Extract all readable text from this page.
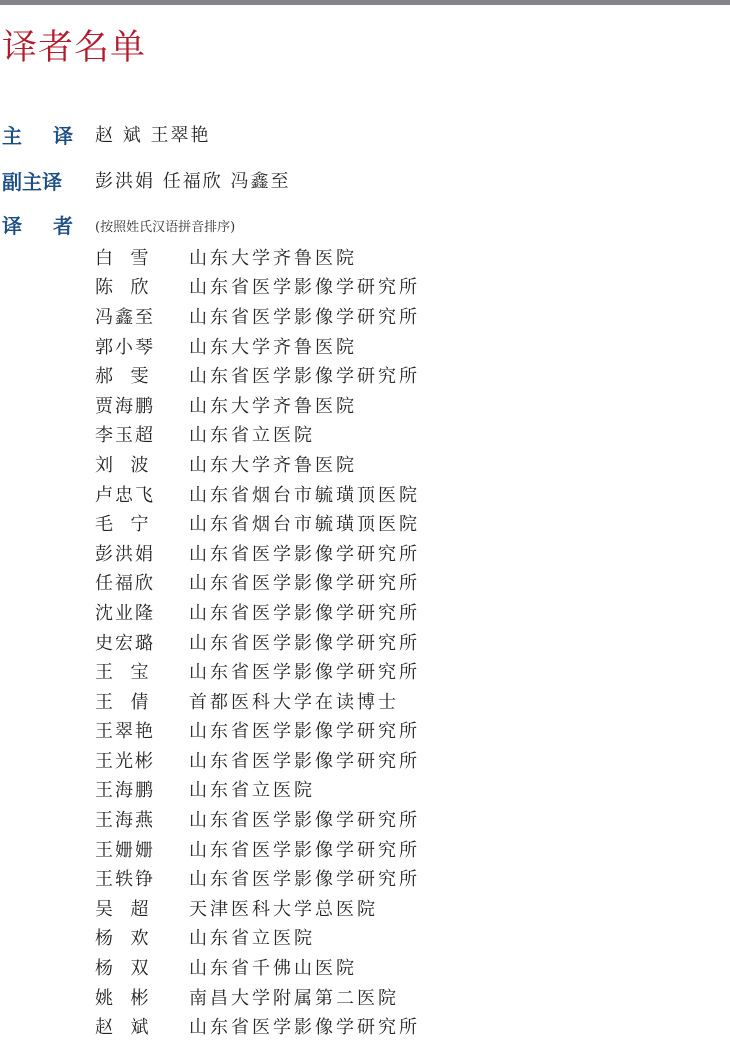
译者名单
主 译 赵 斌 王翠艳
副主译 彭洪娟 任福欣 冯鑫至
译 者 (按照姓氏汉语拼音排序)
白  雪	山东大学齐鲁医院
陈  欣	山东省医学影像学研究所
冯鑫至	山东省医学影像学研究所
郭小琴	山东大学齐鲁医院
郝  雯	山东省医学影像学研究所
贾海鹏	山东大学齐鲁医院
李玉超	山东省立医院
刘  波	山东大学齐鲁医院
卢忠飞	山东省烟台市毓璜顶医院
毛  宁	山东省烟台市毓璜顶医院
彭洪娟	山东省医学影像学研究所
任福欣	山东省医学影像学研究所
沈业隆	山东省医学影像学研究所
史宏璐	山东省医学影像学研究所
王  宝	山东省医学影像学研究所
王  倩	首都医科大学在读博士
王翠艳	山东省医学影像学研究所
王光彬	山东省医学影像学研究所
王海鹏	山东省立医院
王海燕	山东省医学影像学研究所
王姗姗	山东省医学影像学研究所
王轶铮	山东省医学影像学研究所
吴  超	天津医科大学总医院
杨  欢	山东省立医院
杨  双	山东省千佛山医院
姚  彬	南昌大学附属第二医院
赵  斌	山东省医学影像学研究所
